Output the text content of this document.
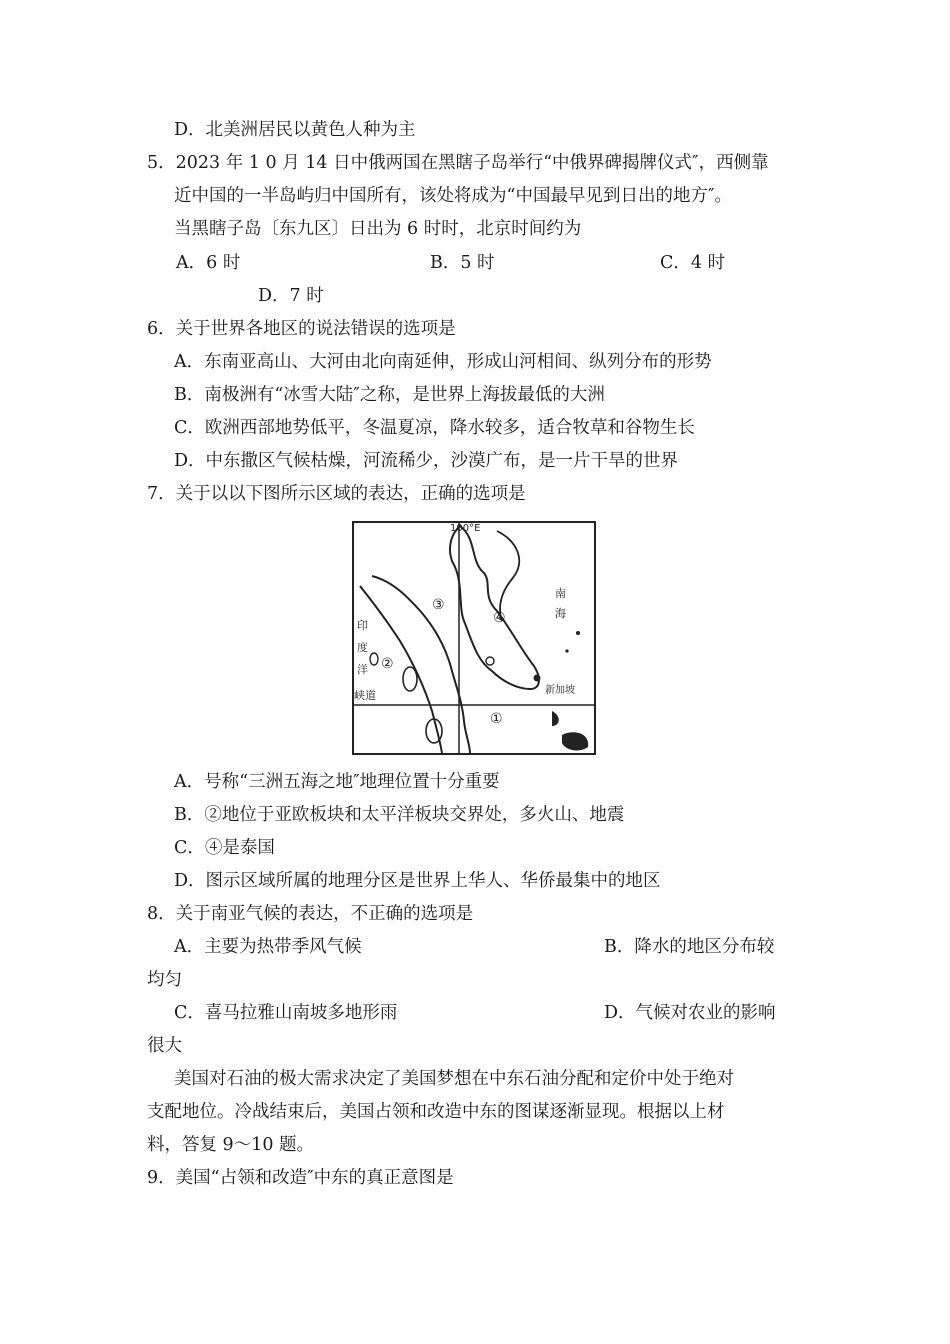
D．北美洲居民以黄色人种为主
5．2023 年 1 0 月 14 日中俄两国在黑瞎子岛举行“中俄界碑揭牌仪式″，西侧靠
近中国的一半岛屿归中国所有，该处将成为“中国最早见到日出的地方″。
当黑瞎子岛〔东九区〕日出为 6 时时，北京时间约为
A．6 时	B．5 时	C．4 时
D．7 时
6．关于世界各地区的说法错误的选项是
A．东南亚高山、大河由北向南延伸，形成山河相间、纵列分布的形势
B．南极洲有“冰雪大陆″之称，是世界上海拔最低的大洲
C．欧洲西部地势低平，冬温夏凉，降水较多，适合牧草和谷物生长
D．中东撒区气候枯燥，河流稀少，沙漠广布，是一片干旱的世界
7．关于以以下图所示区域的表达，正确的选项是
100°E
南
海
印
度
洋
峡道	新加坡
③
④
②
①
A．号称“三洲五海之地″地理位置十分重要
B．②地位于亚欧板块和太平洋板块交界处，多火山、地震
C．④是泰国
D．图示区域所属的地理分区是世界上华人、华侨最集中的地区
8．关于南亚气候的表达，不正确的选项是
A．主要为热带季风气候	B．降水的地区分布较
均匀
C．喜马拉雅山南坡多地形雨	D．气候对农业的影响
很大
美国对石油的极大需求决定了美国梦想在中东石油分配和定价中处于绝对
支配地位。冷战结束后，美国占领和改造中东的图谋逐渐显现。根据以上材
料，答复 9～10 题。
9．美国“占领和改造″中东的真正意图是
